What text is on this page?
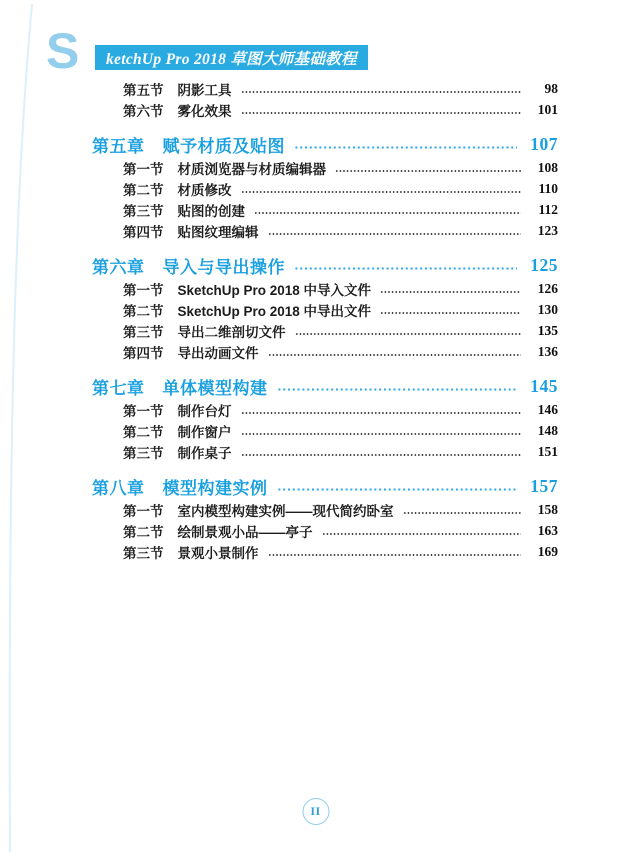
S ketchUp Pro 2018 草图大师基础教程
第五节 阴影工具	98
第六节 雾化效果	101
第五章 赋予材质及贴图	107
第一节 材质浏览器与材质编辑器	108
第二节 材质修改	110
第三节 贴图的创建	112
第四节 贴图纹理编辑	123
第六章 导入与导出操作	125
第一节 SketchUp Pro 2018 中导入文件	126
第二节 SketchUp Pro 2018 中导出文件	130
第三节 导出二维剖切文件	135
第四节 导出动画文件	136
第七章 单体模型构建	145
第一节 制作台灯	146
第二节 制作窗户	148
第三节 制作桌子	151
第八章 模型构建实例	157
第一节 室内模型构建实例——现代简约卧室	158
第二节 绘制景观小品——亭子	163
第三节 景观小景制作	169
II
